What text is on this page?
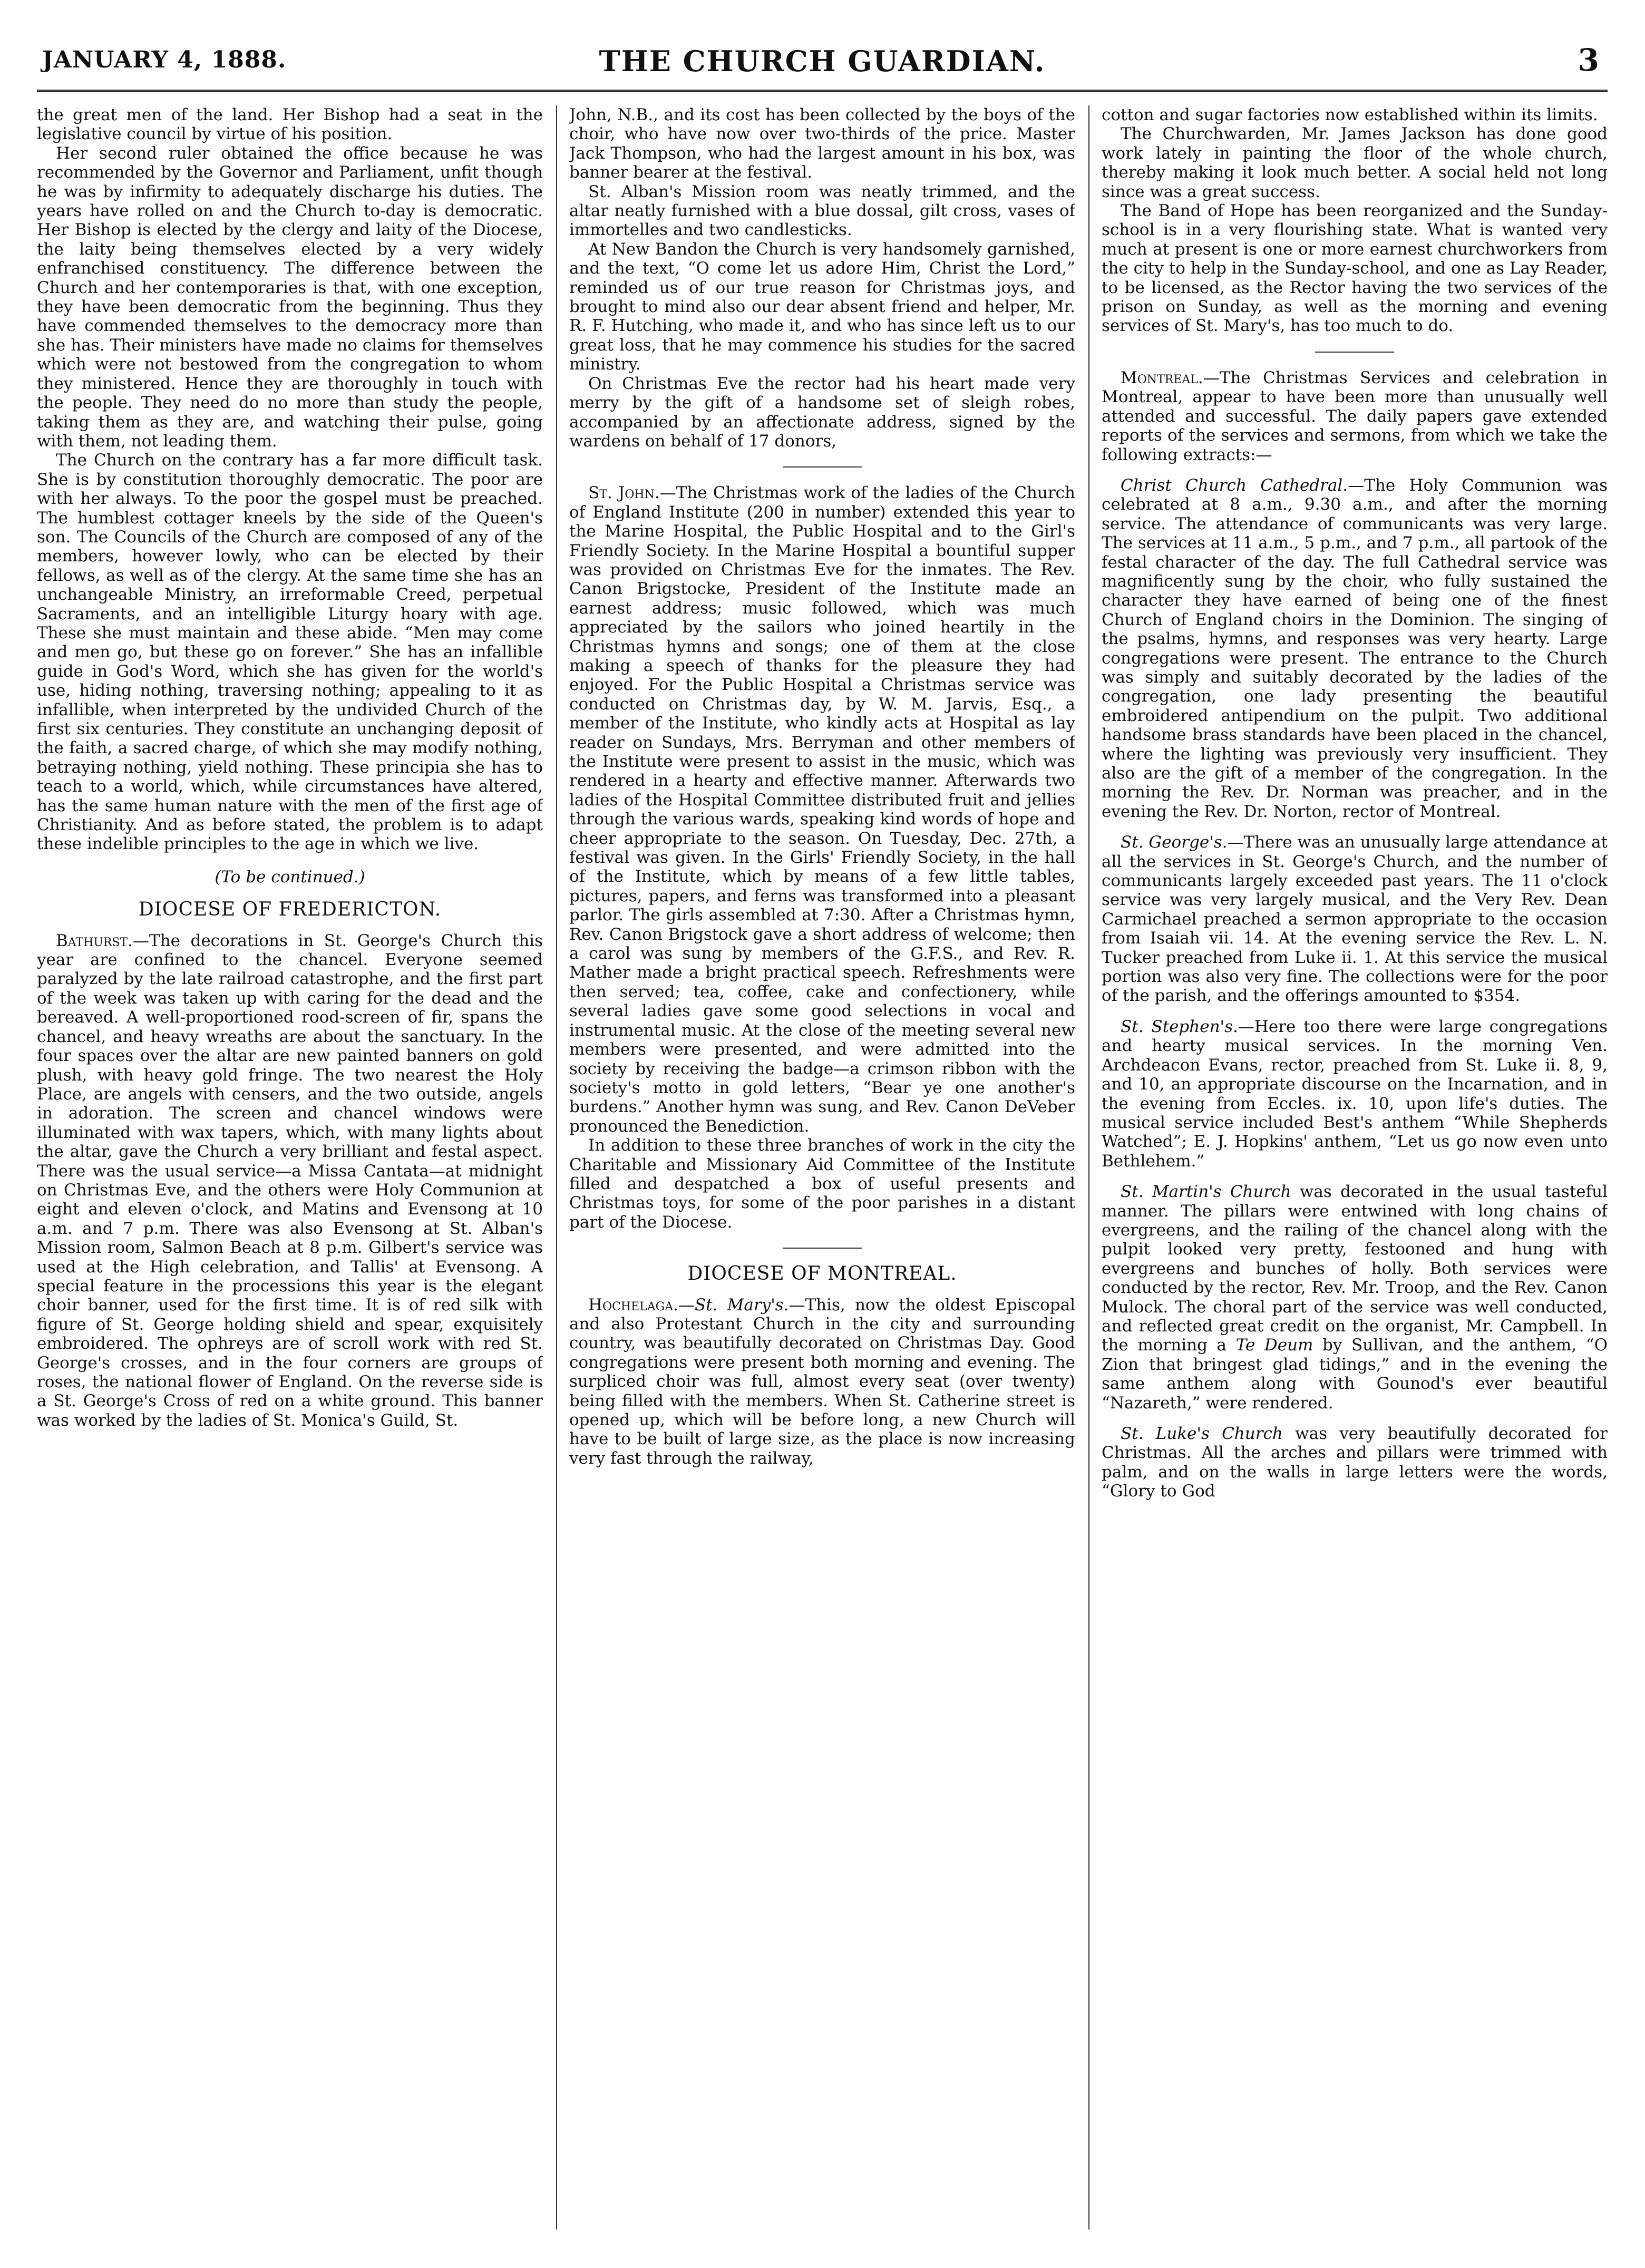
JANUARY 4, 1888.	THE CHURCH GUARDIAN.	3

the great men of the land. Her Bishop had a seat in the legislative council by virtue of his position.

Her second ruler obtained the office because he was recommended by the Governor and Parliament, unfit though he was by infirmity to adequately discharge his duties. The years have rolled on and the Church to-day is democratic. Her Bishop is elected by the clergy and laity of the Diocese, the laity being themselves elected by a very widely enfranchised constituency. The difference between the Church and her contemporaries is that, with one exception, they have been democratic from the beginning. Thus they have commended themselves to the democracy more than she has. Their ministers have made no claims for themselves which were not bestowed from the congregation to whom they ministered. Hence they are thoroughly in touch with the people. They need do no more than study the people, taking them as they are, and watching their pulse, going with them, not leading them.

The Church on the contrary has a far more difficult task. She is by constitution thoroughly democratic. The poor are with her always. To the poor the gospel must be preached. The humblest cottager kneels by the side of the Queen's son. The Councils of the Church are composed of any of the members, however lowly, who can be elected by their fellows, as well as of the clergy. At the same time she has an unchangeable Ministry, an irreformable Creed, perpetual Sacraments, and an intelligible Liturgy hoary with age. These she must maintain and these abide. “Men may come and men go, but these go on forever.” She has an infallible guide in God's Word, which she has given for the world's use, hiding nothing, traversing nothing; appealing to it as infallible, when interpreted by the undivided Church of the first six centuries. They constitute an unchanging deposit of the faith, a sacred charge, of which she may modify nothing, betraying nothing, yield nothing. These principia she has to teach to a world, which, while circumstances have altered, has the same human nature with the men of the first age of Christianity. And as before stated, the problem is to adapt these indelible principles to the age in which we live.

(To be continued.)

DIOCESE OF FREDERICTON.

Bathurst.—The decorations in St. George's Church this year are confined to the chancel. Everyone seemed paralyzed by the late railroad catastrophe, and the first part of the week was taken up with caring for the dead and the bereaved. A well-proportioned rood-screen of fir, spans the chancel, and heavy wreaths are about the sanctuary. In the four spaces over the altar are new painted banners on gold plush, with heavy gold fringe. The two nearest the Holy Place, are angels with censers, and the two outside, angels in adoration. The screen and chancel windows were illuminated with wax tapers, which, with many lights about the altar, gave the Church a very brilliant and festal aspect. There was the usual service—a Missa Cantata—at midnight on Christmas Eve, and the others were Holy Communion at eight and eleven o'clock, and Matins and Evensong at 10 a.m. and 7 p.m. There was also Evensong at St. Alban's Mission room, Salmon Beach at 8 p.m. Gilbert's service was used at the High celebration, and Tallis' at Evensong. A special feature in the processions this year is the elegant choir banner, used for the first time. It is of red silk with figure of St. George holding shield and spear, exquisitely embroidered. The ophreys are of scroll work with red St. George's crosses, and in the four corners are groups of roses, the national flower of England. On the reverse side is a St. George's Cross of red on a white ground. This banner was worked by the ladies of St. Monica's Guild, St.

John, N.B., and its cost has been collected by the boys of the choir, who have now over two-thirds of the price. Master Jack Thompson, who had the largest amount in his box, was banner bearer at the festival.

St. Alban's Mission room was neatly trimmed, and the altar neatly furnished with a blue dossal, gilt cross, vases of immortelles and two candlesticks.

At New Bandon the Church is very handsomely garnished, and the text, “O come let us adore Him, Christ the Lord,” reminded us of our true reason for Christmas joys, and brought to mind also our dear absent friend and helper, Mr. R. F. Hutching, who made it, and who has since left us to our great loss, that he may commence his studies for the sacred ministry.

On Christmas Eve the rector had his heart made very merry by the gift of a handsome set of sleigh robes, accompanied by an affectionate address, signed by the wardens on behalf of 17 donors,

St. John.—The Christmas work of the ladies of the Church of England Institute (200 in number) extended this year to the Marine Hospital, the Public Hospital and to the Girl's Friendly Society. In the Marine Hospital a bountiful supper was provided on Christmas Eve for the inmates. The Rev. Canon Brigstocke, President of the Institute made an earnest address; music followed, which was much appreciated by the sailors who joined heartily in the Christmas hymns and songs; one of them at the close making a speech of thanks for the pleasure they had enjoyed. For the Public Hospital a Christmas service was conducted on Christmas day, by W. M. Jarvis, Esq., a member of the Institute, who kindly acts at Hospital as lay reader on Sundays, Mrs. Berryman and other members of the Institute were present to assist in the music, which was rendered in a hearty and effective manner. Afterwards two ladies of the Hospital Committee distributed fruit and jellies through the various wards, speaking kind words of hope and cheer appropriate to the season. On Tuesday, Dec. 27th, a festival was given. In the Girls' Friendly Society, in the hall of the Institute, which by means of a few little tables, pictures, papers, and ferns was transformed into a pleasant parlor. The girls assembled at 7:30. After a Christmas hymn, Rev. Canon Brigstock gave a short address of welcome; then a carol was sung by members of the G.F.S., and Rev. R. Mather made a bright practical speech. Refreshments were then served; tea, coffee, cake and confectionery, while several ladies gave some good selections in vocal and instrumental music. At the close of the meeting several new members were presented, and were admitted into the society by receiving the badge—a crimson ribbon with the society's motto in gold letters, “Bear ye one another's burdens.” Another hymn was sung, and Rev. Canon DeVeber pronounced the Benediction.

In addition to these three branches of work in the city the Charitable and Missionary Aid Committee of the Institute filled and despatched a box of useful presents and Christmas toys, for some of the poor parishes in a distant part of the Diocese.

DIOCESE OF MONTREAL.

Hochelaga.—St. Mary's.—This, now the oldest Episcopal and also Protestant Church in the city and surrounding country, was beautifully decorated on Christmas Day. Good congregations were present both morning and evening. The surpliced choir was full, almost every seat (over twenty) being filled with the members. When St. Catherine street is opened up, which will be before long, a new Church will have to be built of large size, as the place is now increasing very fast through the railway,

cotton and sugar factories now established within its limits.

The Churchwarden, Mr. James Jackson has done good work lately in painting the floor of the whole church, thereby making it look much better. A social held not long since was a great success.

The Band of Hope has been reorganized and the Sunday-school is in a very flourishing state. What is wanted very much at present is one or more earnest churchworkers from the city to help in the Sunday-school, and one as Lay Reader, to be licensed, as the Rector having the two services of the prison on Sunday, as well as the morning and evening services of St. Mary's, has too much to do.

Montreal.—The Christmas Services and celebration in Montreal, appear to have been more than unusually well attended and successful. The daily papers gave extended reports of the services and sermons, from which we take the following extracts:—

Christ Church Cathedral.—The Holy Communion was celebrated at 8 a.m., 9.30 a.m., and after the morning service. The attendance of communicants was very large. The services at 11 a.m., 5 p.m., and 7 p.m., all partook of the festal character of the day. The full Cathedral service was magnificently sung by the choir, who fully sustained the character they have earned of being one of the finest Church of England choirs in the Dominion. The singing of the psalms, hymns, and responses was very hearty. Large congregations were present. The entrance to the Church was simply and suitably decorated by the ladies of the congregation, one lady presenting the beautiful embroidered antipendium on the pulpit. Two additional handsome brass standards have been placed in the chancel, where the lighting was previously very insufficient. They also are the gift of a member of the congregation. In the morning the Rev. Dr. Norman was preacher, and in the evening the Rev. Dr. Norton, rector of Montreal.

St. George's.—There was an unusually large attendance at all the services in St. George's Church, and the number of communicants largely exceeded past years. The 11 o'clock service was very largely musical, and the Very Rev. Dean Carmichael preached a sermon appropriate to the occasion from Isaiah vii. 14. At the evening service the Rev. L. N. Tucker preached from Luke ii. 1. At this service the musical portion was also very fine. The collections were for the poor of the parish, and the offerings amounted to $354.

St. Stephen's.—Here too there were large congregations and hearty musical services. In the morning Ven. Archdeacon Evans, rector, preached from St. Luke ii. 8, 9, and 10, an appropriate discourse on the Incarnation, and in the evening from Eccles. ix. 10, upon life's duties. The musical service included Best's anthem “While Shepherds Watched”; E. J. Hopkins' anthem, “Let us go now even unto Bethlehem.”

St. Martin's Church was decorated in the usual tasteful manner. The pillars were entwined with long chains of evergreens, and the railing of the chancel along with the pulpit looked very pretty, festooned and hung with evergreens and bunches of holly. Both services were conducted by the rector, Rev. Mr. Troop, and the Rev. Canon Mulock. The choral part of the service was well conducted, and reflected great credit on the organist, Mr. Campbell. In the morning a Te Deum by Sullivan, and the anthem, “O Zion that bringest glad tidings,” and in the evening the same anthem along with Gounod's ever beautiful “Nazareth,” were rendered.

St. Luke's Church was very beautifully decorated for Christmas. All the arches and pillars were trimmed with palm, and on the walls in large letters were the words, “Glory to God
